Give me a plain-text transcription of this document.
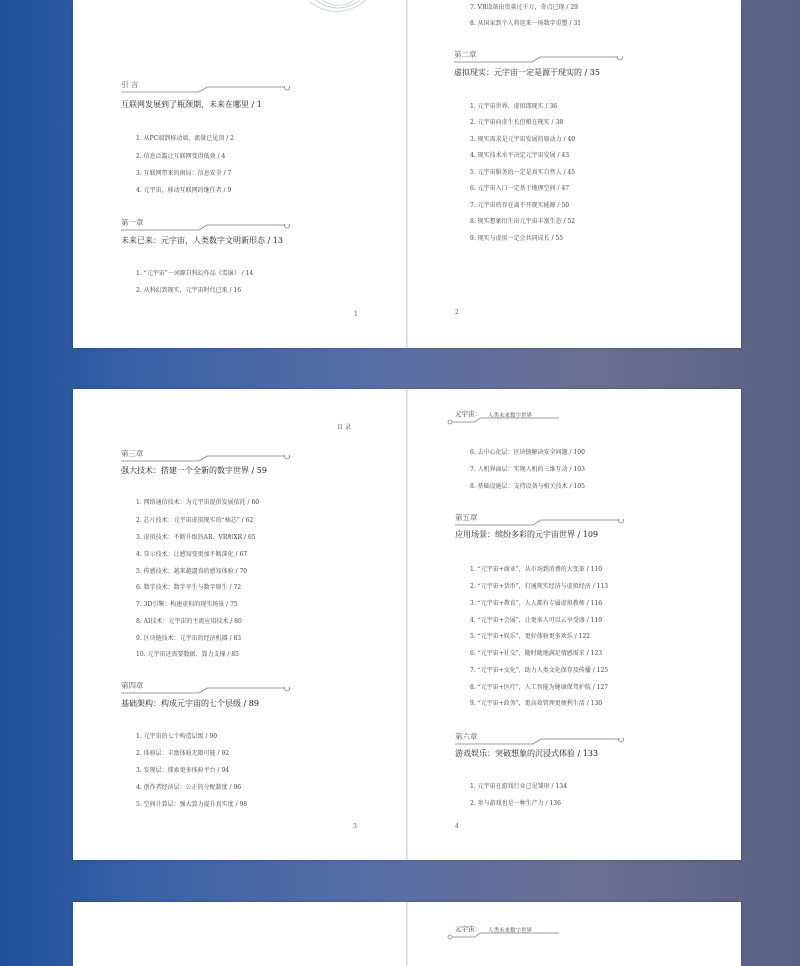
引 言
互联网发展到了瓶颈期，未来在哪里 / 1
1. 从PC端到移动端，流量已见顶 / 2
2. 信息泛滥让互联网变得低效 / 4
3. 互联网带来的困局：信息安全 / 7
4. 元宇宙，移动互联网的继任者 / 9
第一章
未来已来：元宇宙，人类数字文明新形态 / 13
1. “元宇宙”一词源自科幻作品《雪崩》 / 14
2. 从科幻到现实，元宇宙时代已来 / 16
1
7. VR设备出货量过千万，奇点已现 / 29
8. 从国家到个人将迎来一场数字重塑 / 31
第二章
虚拟现实：元宇宙一定是源于现实的 / 35
1. 元宇宙世界，虚拟即现实 / 36
2. 元宇宙向虚生长但根在现实 / 38
3. 现实需求是元宇宙发展的原动力 / 40
4. 现实技术水平决定元宇宙发展 / 43
5. 元宇宙服务的一定是真实自然人 / 45
6. 元宇宙入口一定基于地理空间 / 47
7. 元宇宙的存在离不开现实能源 / 50
8. 现实想象衍生出元宇宙丰富生态 / 52
9. 现实与虚拟一定会共同成长 / 55
2
目 录
第三章
强大技术：搭建一个全新的数字世界 / 59
1. 网络通信技术：为元宇宙提供发展依托 / 60
2. 芯片技术：元宇宙虚拟现实的“核芯” / 62
3. 虚拟技术：不断升级的AR、VR和XR / 65
4. 显示技术：让感知变更加不断深化 / 67
5. 传感技术：越来越逼真的感知体验 / 70
6. 数字技术：数字孪生与数字原生 / 72
7. 3D引擎：构建虚拟的现实场景 / 75
8. AI技术：元宇宙的主流应用技术 / 80
9. 区块链技术：元宇宙的经济机器 / 83
10. 元宇宙还需要数据、算力支撑 / 85
第四章
基础架构：构成元宇宙的七个层级 / 89
1. 元宇宙的七个构造层级 / 90
2. 体验层：丰富体验无限可能 / 92
3. 发现层：探索更多体验平台 / 94
4. 创作者经济层：公正的分配制度 / 96
5. 空间计算层：强大算力提升真实度 / 98
3
元宇宙： 人类未来数字世界
6. 去中心化层：区块链解决安全问题 / 100
7. 人机界面层：实现人机的三维互动 / 103
8. 基础设施层：支持设备与相关技术 / 105
第五章
应用场景：缤纷多彩的元宇宙世界 / 109
1. “元宇宙+商业”，从市场到消费的大变革 / 110
2. “元宇宙+货币”，打通现实经济与虚拟经济 / 113
3. “元宇宙+教育”，人人都有专属虚拟教师 / 116
4. “元宇宙+会展”，让更多人可以云享受盛 / 119
5. “元宇宙+娱乐”，更好体验更多欢乐 / 122
6. “元宇宙+社交”，随时随地满足情感需求 / 123
7. “元宇宙+文化”，助力人类文化保存及传播 / 125
8. “元宇宙+医疗”，人工智能为健康保驾护航 / 127
9. “元宇宙+政务”，更高效管理更便利生活 / 130
第六章
游戏娱乐：突破想象的沉浸式体验 / 133
1. 元宇宙在游戏行业已见雏形 / 134
2. 参与游戏也是一种生产力 / 136
4
元宇宙： 人类未来数字世界
